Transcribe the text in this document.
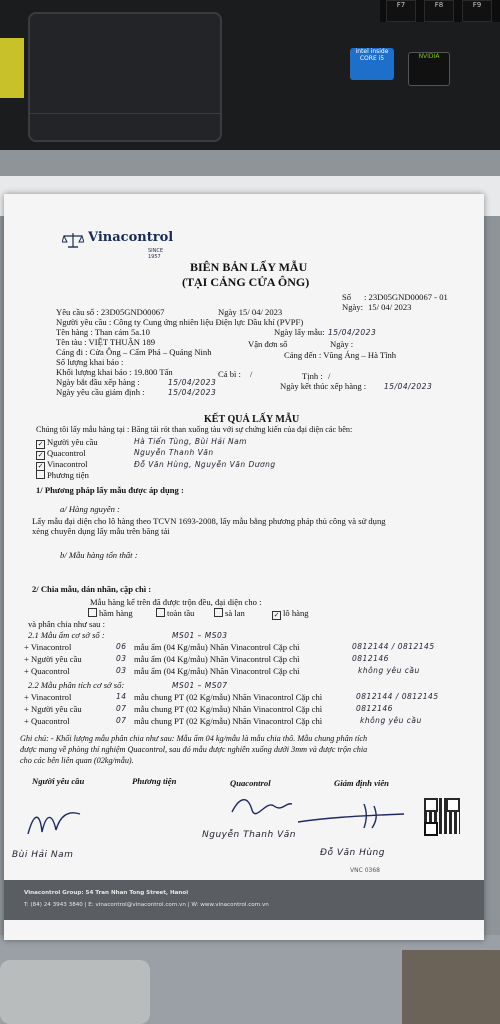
F7	F8	F9
intel inside CORE i5	NVIDIA
Vinacontrol
SINCE 1957
BIÊN BẢN LẤY MẪU
(TẠI CẢNG CỬA ÔNG)
Số : 23D05GND00067 - 01
Ngày: 15/ 04/ 2023
Yêu cầu số : 23D05GND00067	Ngày 15/ 04/ 2023
Người yêu cầu : Công ty Cung ứng nhiên liệu Điện lực Dầu khí (PVPF)
Tên hàng : Than cám 5a.10	Ngày lấy mẫu: 15/04/2023
Tên tàu : VIỆT THUẬN 189	Vận đơn số	Ngày :
Cảng đi : Cửa Ông – Cẩm Phả – Quảng Ninh	Cảng đến : Vũng Áng – Hà Tĩnh
Số lượng khai báo :
Khối lượng khai báo : 19.800 Tấn	Cá bì : /	Tịnh : /
Ngày bắt đầu xếp hàng :	15/04/2023	Ngày kết thúc xếp hàng : 15/04/2023
Ngày yêu cầu giám định :	15/04/2023
KẾT QUẢ LẤY MẪU
Chúng tôi lấy mẫu hàng tại : Băng tải rót than xuống tàu với sự chứng kiến của đại diện các bên:
✓ Người yêu cầu	Hà Tiến Tùng, Bùi Hải Nam
✓ Quacontrol	Nguyễn Thanh Văn
✓ Vinacontrol	Đỗ Văn Hùng, Nguyễn Văn Dương
Phương tiện
1/ Phương pháp lấy mẫu được áp dụng :
a/ Hàng nguyên :
Lấy mẫu đại diện cho lô hàng theo TCVN 1693-2008, lấy mẫu bằng phương pháp thủ công và sử dụng
xẻng chuyên dụng lấy mẫu trên băng tải
b/ Mẫu hàng tổn thất :
2/ Chia mẫu, dán nhãn, cặp chì :
Mẫu hàng kể trên đã được trộn đều, đại diện cho :
hầm hàng	toàn tầu	sà lan	✓ lô hàng
và phân chia như sau :
2.1 Mẫu ẩm cơ sở số :	MS01 – MS03
+ Vinacontrol	06 mẫu ẩm (04 Kg/mẫu) Nhãn Vinacontrol Cặp chì	0812144 / 0812145
+ Người yêu cầu	03 mẫu ẩm (04 Kg/mẫu) Nhãn Vinacontrol Cặp chì	0812146
+ Quacontrol	03 mẫu ẩm (04 Kg/mẫu) Nhãn Vinacontrol Cặp chì	không yêu cầu
2.2 Mẫu phân tích cơ sở số:	MS01 – MS07
+ Vinacontrol	14 mẫu chung PT (02 Kg/mẫu) Nhãn Vinacontrol Cặp chì	0812144 / 0812145
+ Người yêu cầu	07 mẫu chung PT (02 Kg/mẫu) Nhãn Vinacontrol Cặp chì	0812146
+ Quacontrol	07 mẫu chung PT (02 Kg/mẫu) Nhãn Vinacontrol Cặp chì	không yêu cầu
Ghi chú: - Khối lượng mẫu phân chia như sau: Mẫu ẩm 04 kg/mẫu là mẫu chia thô. Mẫu chung phân tích
được mang về phòng thí nghiệm Quacontrol, sau đó mẫu được nghiền xuống dưới 3mm và được trộn chia
cho các bên liên quan (02kg/mẫu).
Người yêu cầu	Phương tiện	Quacontrol	Giám định viên
Bùi Hải Nam
Nguyễn Thanh Văn
Đỗ Văn Hùng
VNC 0368
Vinacontrol Group: 54 Tran Nhan Tong Street, Hanoi
T: (84) 24 3943 3840 | E: vinacontrol@vinacontrol.com.vn | W: www.vinacontrol.com.vn
